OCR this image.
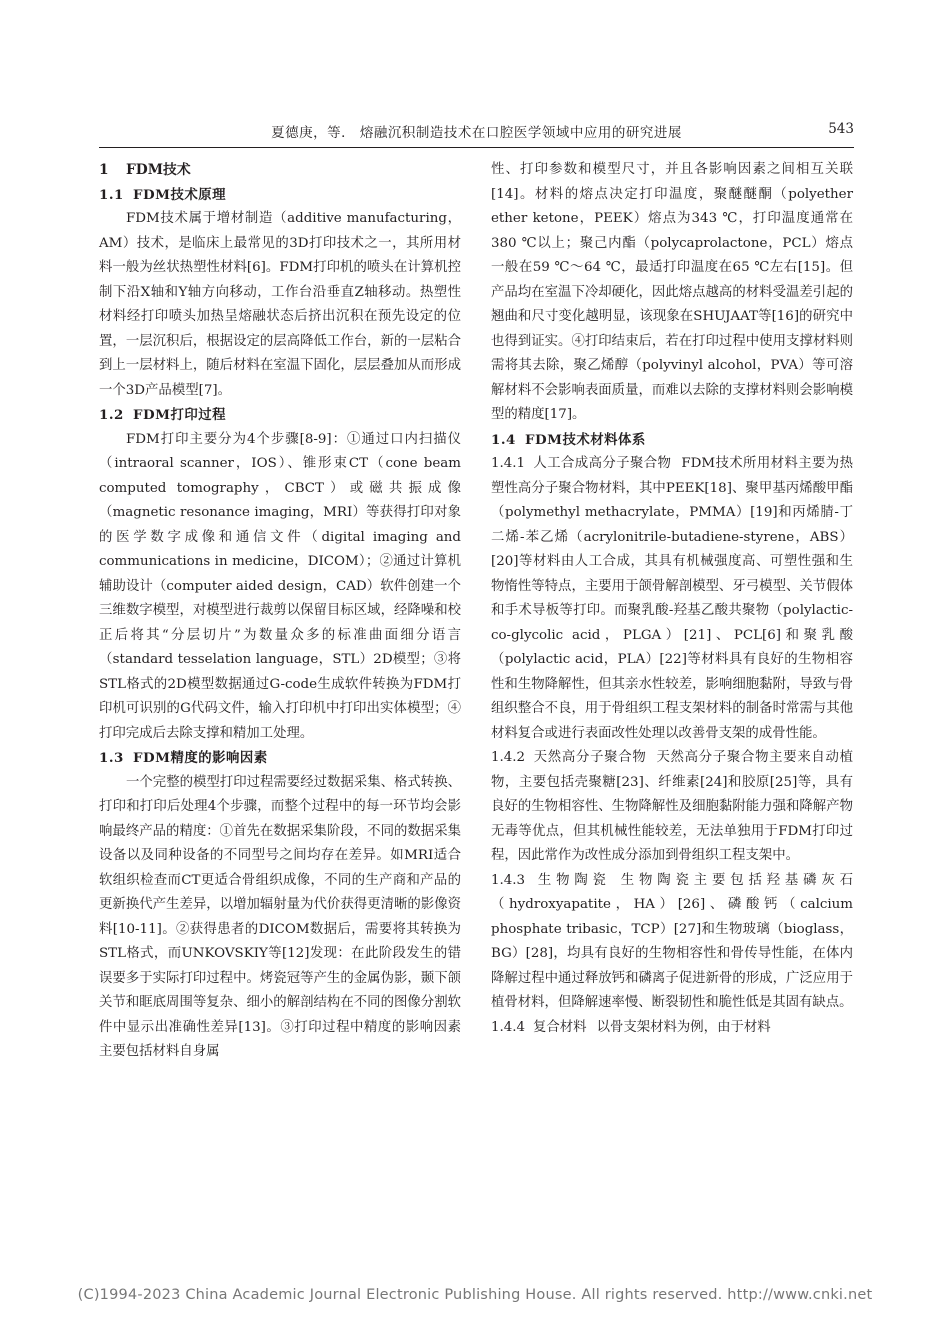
夏德庚，等． 熔融沉积制造技术在口腔医学领域中应用的研究进展	543
1 FDM技术
1.1 FDM技术原理

FDM技术属于增材制造（additive manufacturing，AM）技术，是临床上最常见的3D打印技术之一，其所用材料一般为丝状热塑性材料[6]。FDM打印机的喷头在计算机控制下沿X轴和Y轴方向移动，工作台沿垂直Z轴移动。热塑性材料经打印喷头加热呈熔融状态后挤出沉积在预先设定的位置，一层沉积后，根据设定的层高降低工作台，新的一层粘合到上一层材料上，随后材料在室温下固化，层层叠加从而形成一个3D产品模型[7]。

1.2 FDM打印过程

FDM打印主要分为4个步骤[8-9]：①通过口内扫描仪（intraoral scanner，IOS）、锥形束CT（cone beam computed tomography，CBCT）或磁共振成像（magnetic resonance imaging，MRI）等获得打印对象的医学数字成像和通信文件（digital imaging and communications in medicine，DICOM）；②通过计算机辅助设计（computer aided design，CAD）软件创建一个三维数字模型，对模型进行裁剪以保留目标区域，经降噪和校正后将其“分层切片”为数量众多的标准曲面细分语言（standard tesselation language，STL）2D模型；③将STL格式的2D模型数据通过G-code生成软件转换为FDM打印机可识别的G代码文件，输入打印机中打印出实体模型；④打印完成后去除支撑和精加工处理。

1.3 FDM精度的影响因素

一个完整的模型打印过程需要经过数据采集、格式转换、打印和打印后处理4个步骤，而整个过程中的每一环节均会影响最终产品的精度：①首先在数据采集阶段，不同的数据采集设备以及同种设备的不同型号之间均存在差异。如MRI适合软组织检查而CT更适合骨组织成像，不同的生产商和产品的更新换代产生差异，以增加辐射量为代价获得更清晰的影像资料[10-11]。②获得患者的DICOM数据后，需要将其转换为STL格式，而UNKOVSKIY等[12]发现：在此阶段发生的错误要多于实际打印过程中。烤瓷冠等产生的金属伪影，颞下颌关节和眶底周围等复杂、细小的解剖结构在不同的图像分割软件中显示出准确性差异[13]。③打印过程中精度的影响因素主要包括材料自身属

性、打印参数和模型尺寸，并且各影响因素之间相互关联[14]。材料的熔点决定打印温度，聚醚醚酮（polyether ether ketone，PEEK）熔点为343 ℃，打印温度通常在380 ℃以上；聚己内酯（polycaprolactone，PCL）熔点一般在59 ℃～64 ℃，最适打印温度在65 ℃左右[15]。但产品均在室温下冷却硬化，因此熔点越高的材料受温差引起的翘曲和尺寸变化越明显，该现象在SHUJAAT等[16]的研究中也得到证实。④打印结束后，若在打印过程中使用支撑材料则需将其去除，聚乙烯醇（polyvinyl alcohol，PVA）等可溶解材料不会影响表面质量，而难以去除的支撑材料则会影响模型的精度[17]。

1.4 FDM技术材料体系

1.4.1 人工合成高分子聚合物 FDM技术所用材料主要为热塑性高分子聚合物材料，其中PEEK[18]、聚甲基丙烯酸甲酯（polymethyl methacrylate，PMMA）[19]和丙烯腈-丁二烯-苯乙烯（acrylonitrile-butadiene-styrene，ABS）[20]等材料由人工合成，其具有机械强度高、可塑性强和生物惰性等特点，主要用于颌骨解剖模型、牙弓模型、关节假体和手术导板等打印。而聚乳酸-羟基乙酸共聚物（polylactic-co-glycolic acid，PLGA）[21]、PCL[6]和聚乳酸（polylactic acid，PLA）[22]等材料具有良好的生物相容性和生物降解性，但其亲水性较差，影响细胞黏附，导致与骨组织整合不良，用于骨组织工程支架材料的制备时常需与其他材料复合或进行表面改性处理以改善骨支架的成骨性能。

1.4.2 天然高分子聚合物 天然高分子聚合物主要来自动植物，主要包括壳聚糖[23]、纤维素[24]和胶原[25]等，具有良好的生物相容性、生物降解性及细胞黏附能力强和降解产物无毒等优点，但其机械性能较差，无法单独用于FDM打印过程，因此常作为改性成分添加到骨组织工程支架中。

1.4.3 生物陶瓷 生物陶瓷主要包括羟基磷灰石（hydroxyapatite，HA）[26]、磷酸钙（calcium phosphate tribasic，TCP）[27]和生物玻璃（bioglass，BG）[28]，均具有良好的生物相容性和骨传导性能，在体内降解过程中通过释放钙和磷离子促进新骨的形成，广泛应用于植骨材料，但降解速率慢、断裂韧性和脆性低是其固有缺点。

1.4.4 复合材料 以骨支架材料为例，由于材料

(C)1994-2023 China Academic Journal Electronic Publishing House. All rights reserved. http://www.cnki.net
